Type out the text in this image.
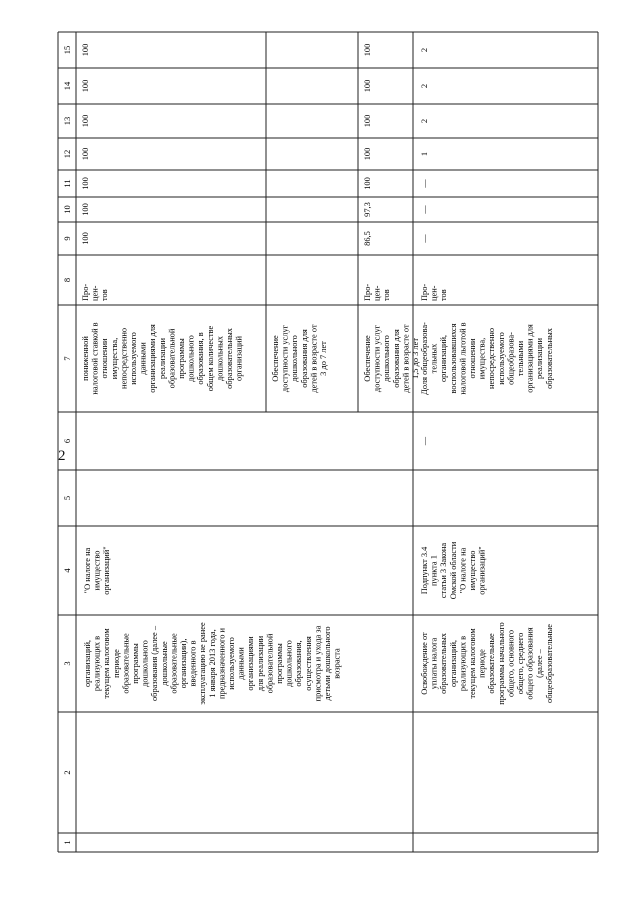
2
1
2
3
4
5
6
7
8
9
10
11
12
13
14
15
организаций,реализующих втекущем налоговомпериодеобразовательныепрограммыдошкольногообразования (далее –дошкольныеобразовательныеорганизации),введенного вэксплуатацию не ранее1 января 2013 года,предназначенного ииспользуемогоданнымиорганизациямидля реализацииобразовательнойпрограммыдошкольногообразования,осуществленияприсмотра и ухода задетьми дошкольноговозраста
"О налоге наимуществоорганизаций"
пониженнойналоговой ставкой вотношенииимущества,непосредственноиспользуемогоданнымиорганизациями дляреализацииобразовательнойпрограммыдошкольногообразования, вобщем количестведошкольныхобразовательныхорганизаций
Про-цен-тов
100
100
100
100
100
100
100
Обеспечениедоступности услугдошкольногообразования длядетей в возрасте от3 до 7 лет	Обеспечениедоступности услугдошкольногообразования длядетей в возрасте от1,5 до 3 лет
Про-цен-тов
86,5
97,3
100
100
100
100
100
Освобождение отуплаты налогаобразовательныхорганизаций,реализующих втекущем налоговомпериодеобразовательныепрограммы начальногообщего, основногообщего, среднегообщего образования(далее –общеобразовательные
Подпункт 3.4пункта 1статьи 3 ЗаконаОмской области"О налоге наимуществоорганизаций"
—
Доля общеобразова-тельныхорганизаций,воспользовавшихсяналоговой льготой вотношенииимущества,непосредственноиспользуемогообщеобразова-тельнымиорганизациями дляреализацииобразовательных
Про-цен-тов
—
—
—
1
2
2
2
